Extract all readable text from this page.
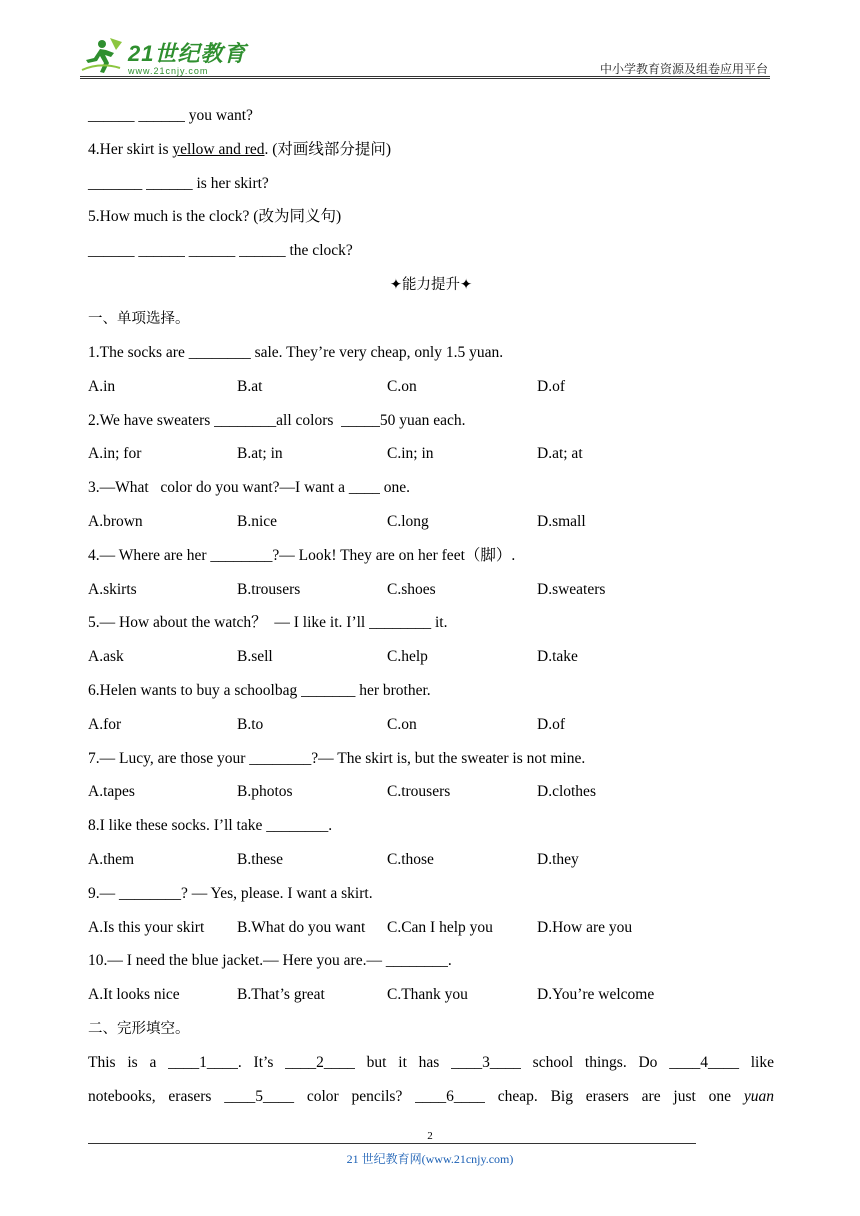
21世纪教育
www.21cnjy.com	中小学教育资源及组卷应用平台
______ ______ you want?
4.Her skirt is yellow and red. (对画线部分提问)
_______ ______ is her skirt?
5.How much is the clock? (改为同义句)
______ ______ ______ ______ the clock?
✦能力提升✦
一、单项选择。
1.The socks are ________ sale. They’re very cheap, only 1.5 yuan.
A.in	B.at	C.on	D.of
2.We have sweaters ________all colors  _____50 yuan each.
A.in; for	B.at; in	C.in; in	D.at; at
3.—What   color do you want?—I want a ____ one.
A.brown	B.nice	C.long	D.small
4.— Where are her ________?— Look! They are on her feet（脚）.
A.skirts	B.trousers	C.shoes	D.sweaters
5.— How about the watch？  — I like it. I’ll ________ it.
A.ask	B.sell	C.help	D.take
6.Helen wants to buy a schoolbag _______ her brother.
A.for	B.to	C.on	D.of
7.— Lucy, are those your ________?— The skirt is, but the sweater is not mine.
A.tapes	B.photos	C.trousers	D.clothes
8.I like these socks. I’ll take ________.
A.them	B.these	C.those	D.they
9.— ________? — Yes, please. I want a skirt.
A.Is this your skirt B.What do you want C.Can I help you	D.How are you
10.— I need the blue jacket.— Here you are.— ________.
A.It looks nice	B.That’s great	C.Thank you	D.You’re welcome
二、完形填空。
This is a ____1____. It’s ____2____ but it has ____3____ school things. Do ____4____ like
notebooks, erasers ____5____ color pencils? ____6____ cheap. Big erasers are just one yuan
2
21 世纪教育网(www.21cnjy.com)
